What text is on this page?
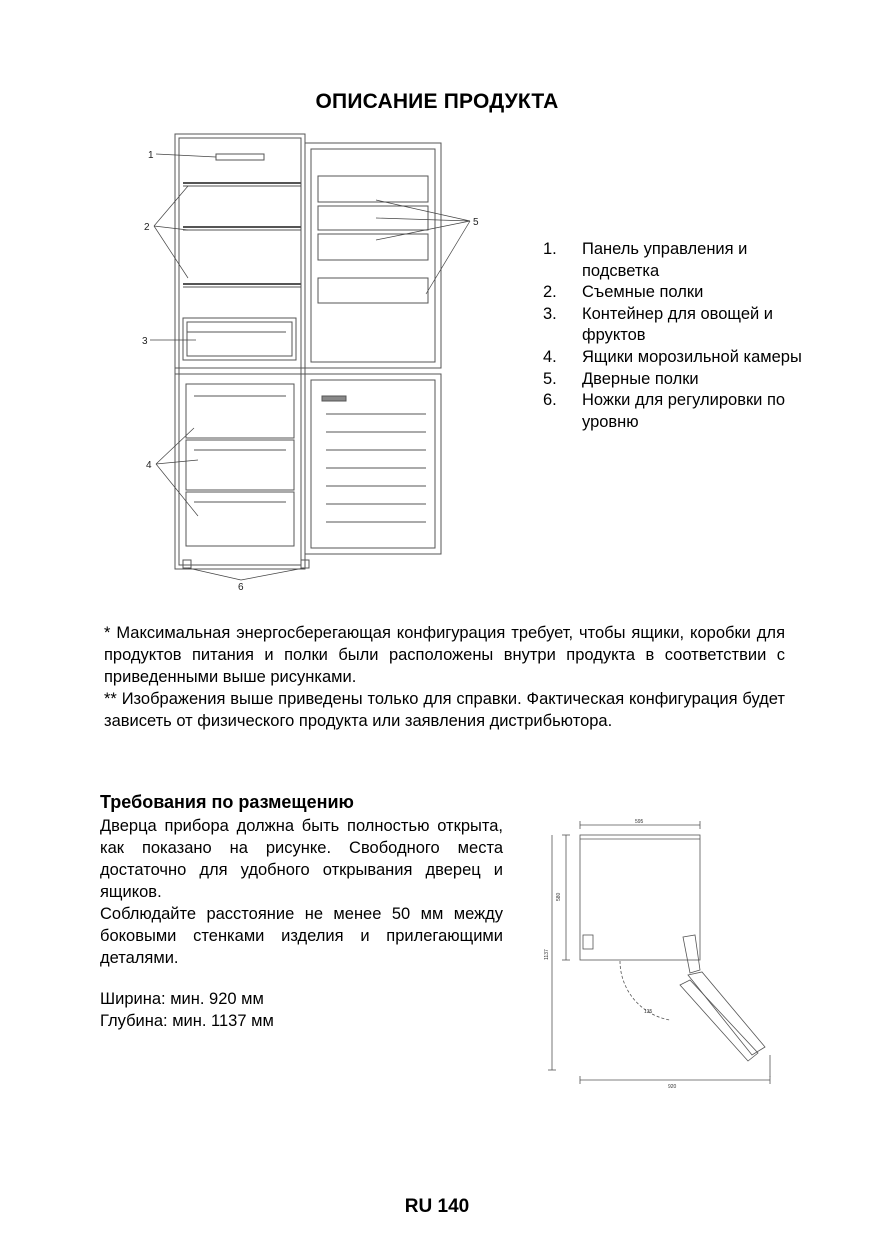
ОПИСАНИЕ ПРОДУКТА
1
2
3
4
5
6
1. Панель управления и подсветка
2. Съемные полки
3. Контейнер для овощей и фруктов
4. Ящики морозильной камеры
5. Дверные полки
6. Ножки для регулировки по уровню

* Максимальная энергосберегающая конфигурация требует, чтобы ящики, коробки для продуктов питания и полки были расположены внутри продукта в соответствии с приведенными выше рисунками.

** Изображения выше приведены только для справки. Фактическая конфигурация будет зависеть от физического продукта или заявления дистрибьютора.

Требования по размещению

Дверца прибора должна быть полностью открыта, как показано на рисунке. Свободного места достаточно для удобного открывания дверец и ящиков.

Соблюдайте расстояние не менее 50 мм между боковыми стенками изделия и прилегающими деталями.

Ширина: мин. 920 мм
Глубина: мин. 1137 мм
595
580
1137
920
135
RU 140
